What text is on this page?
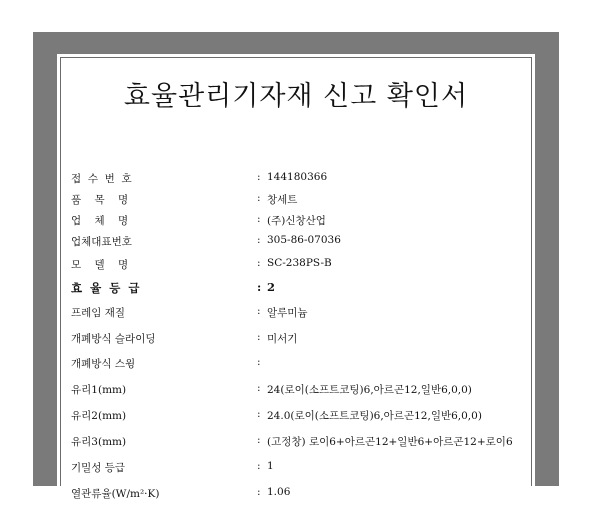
효율관리기자재 신고 확인서
접  수  번  호	: 144180366
품    목    명	: 창세트
업    체    명	: (주)신창산업
업체대표번호	: 305-86-07036
모    델    명	: SC-238PS-B
효  율  등  급	: 2
프레임 재질	: 알루미늄
개폐방식 슬라이딩	: 미서기
개폐방식 스윙	:
유리1(mm)	: 24(로이(소프트코팅)6,아르곤12,일반6,0,0)
유리2(mm)	: 24.0(로이(소프트코팅)6,아르곤12,일반6,0,0)
유리3(mm)	: (고정창) 로이6+아르곤12+일반6+아르곤12+로이6
기밀성 등급	: 1
열관류율(W/m²·K)	: 1.06
